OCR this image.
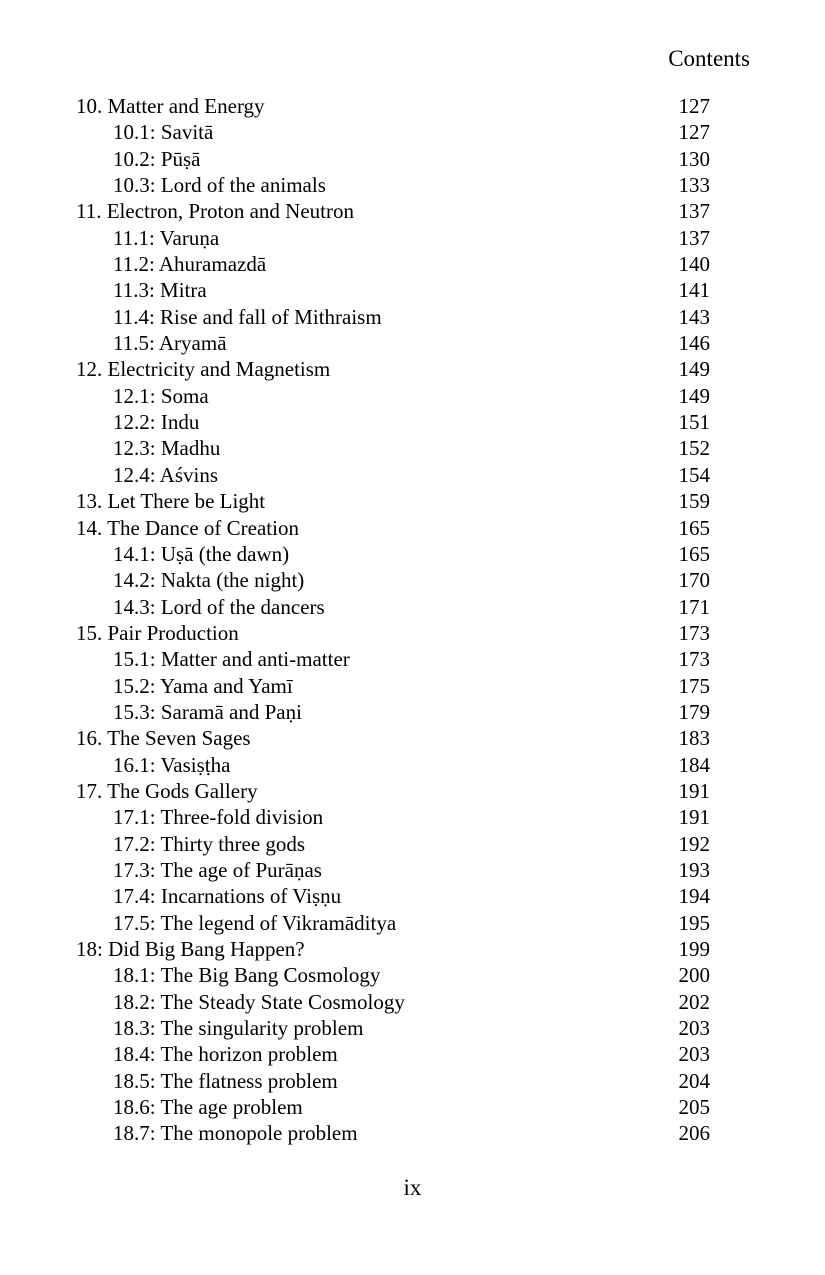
Contents
10. Matter and Energy	127
10.1: Savitā	127
10.2: Pūṣā	130
10.3: Lord of the animals	133
11. Electron, Proton and Neutron	137
11.1: Varuṇa	137
11.2: Ahuramazdā	140
11.3: Mitra	141
11.4: Rise and fall of Mithraism	143
11.5: Aryamā	146
12. Electricity and Magnetism	149
12.1: Soma	149
12.2: Indu	151
12.3: Madhu	152
12.4: Aśvins	154
13. Let There be Light	159
14. The Dance of Creation	165
14.1: Uṣā (the dawn)	165
14.2: Nakta (the night)	170
14.3: Lord of the dancers	171
15. Pair Production	173
15.1: Matter and anti-matter	173
15.2: Yama and Yamī	175
15.3: Saramā and Paṇi	179
16. The Seven Sages	183
16.1: Vasiṣṭha	184
17. The Gods Gallery	191
17.1: Three-fold division	191
17.2: Thirty three gods	192
17.3: The age of Purāṇas	193
17.4: Incarnations of Viṣṇu	194
17.5: The legend of Vikramāditya	195
18: Did Big Bang Happen?	199
18.1: The Big Bang Cosmology	200
18.2: The Steady State Cosmology	202
18.3: The singularity problem	203
18.4: The horizon problem	203
18.5: The flatness problem	204
18.6: The age problem	205
18.7: The monopole problem	206
ix
